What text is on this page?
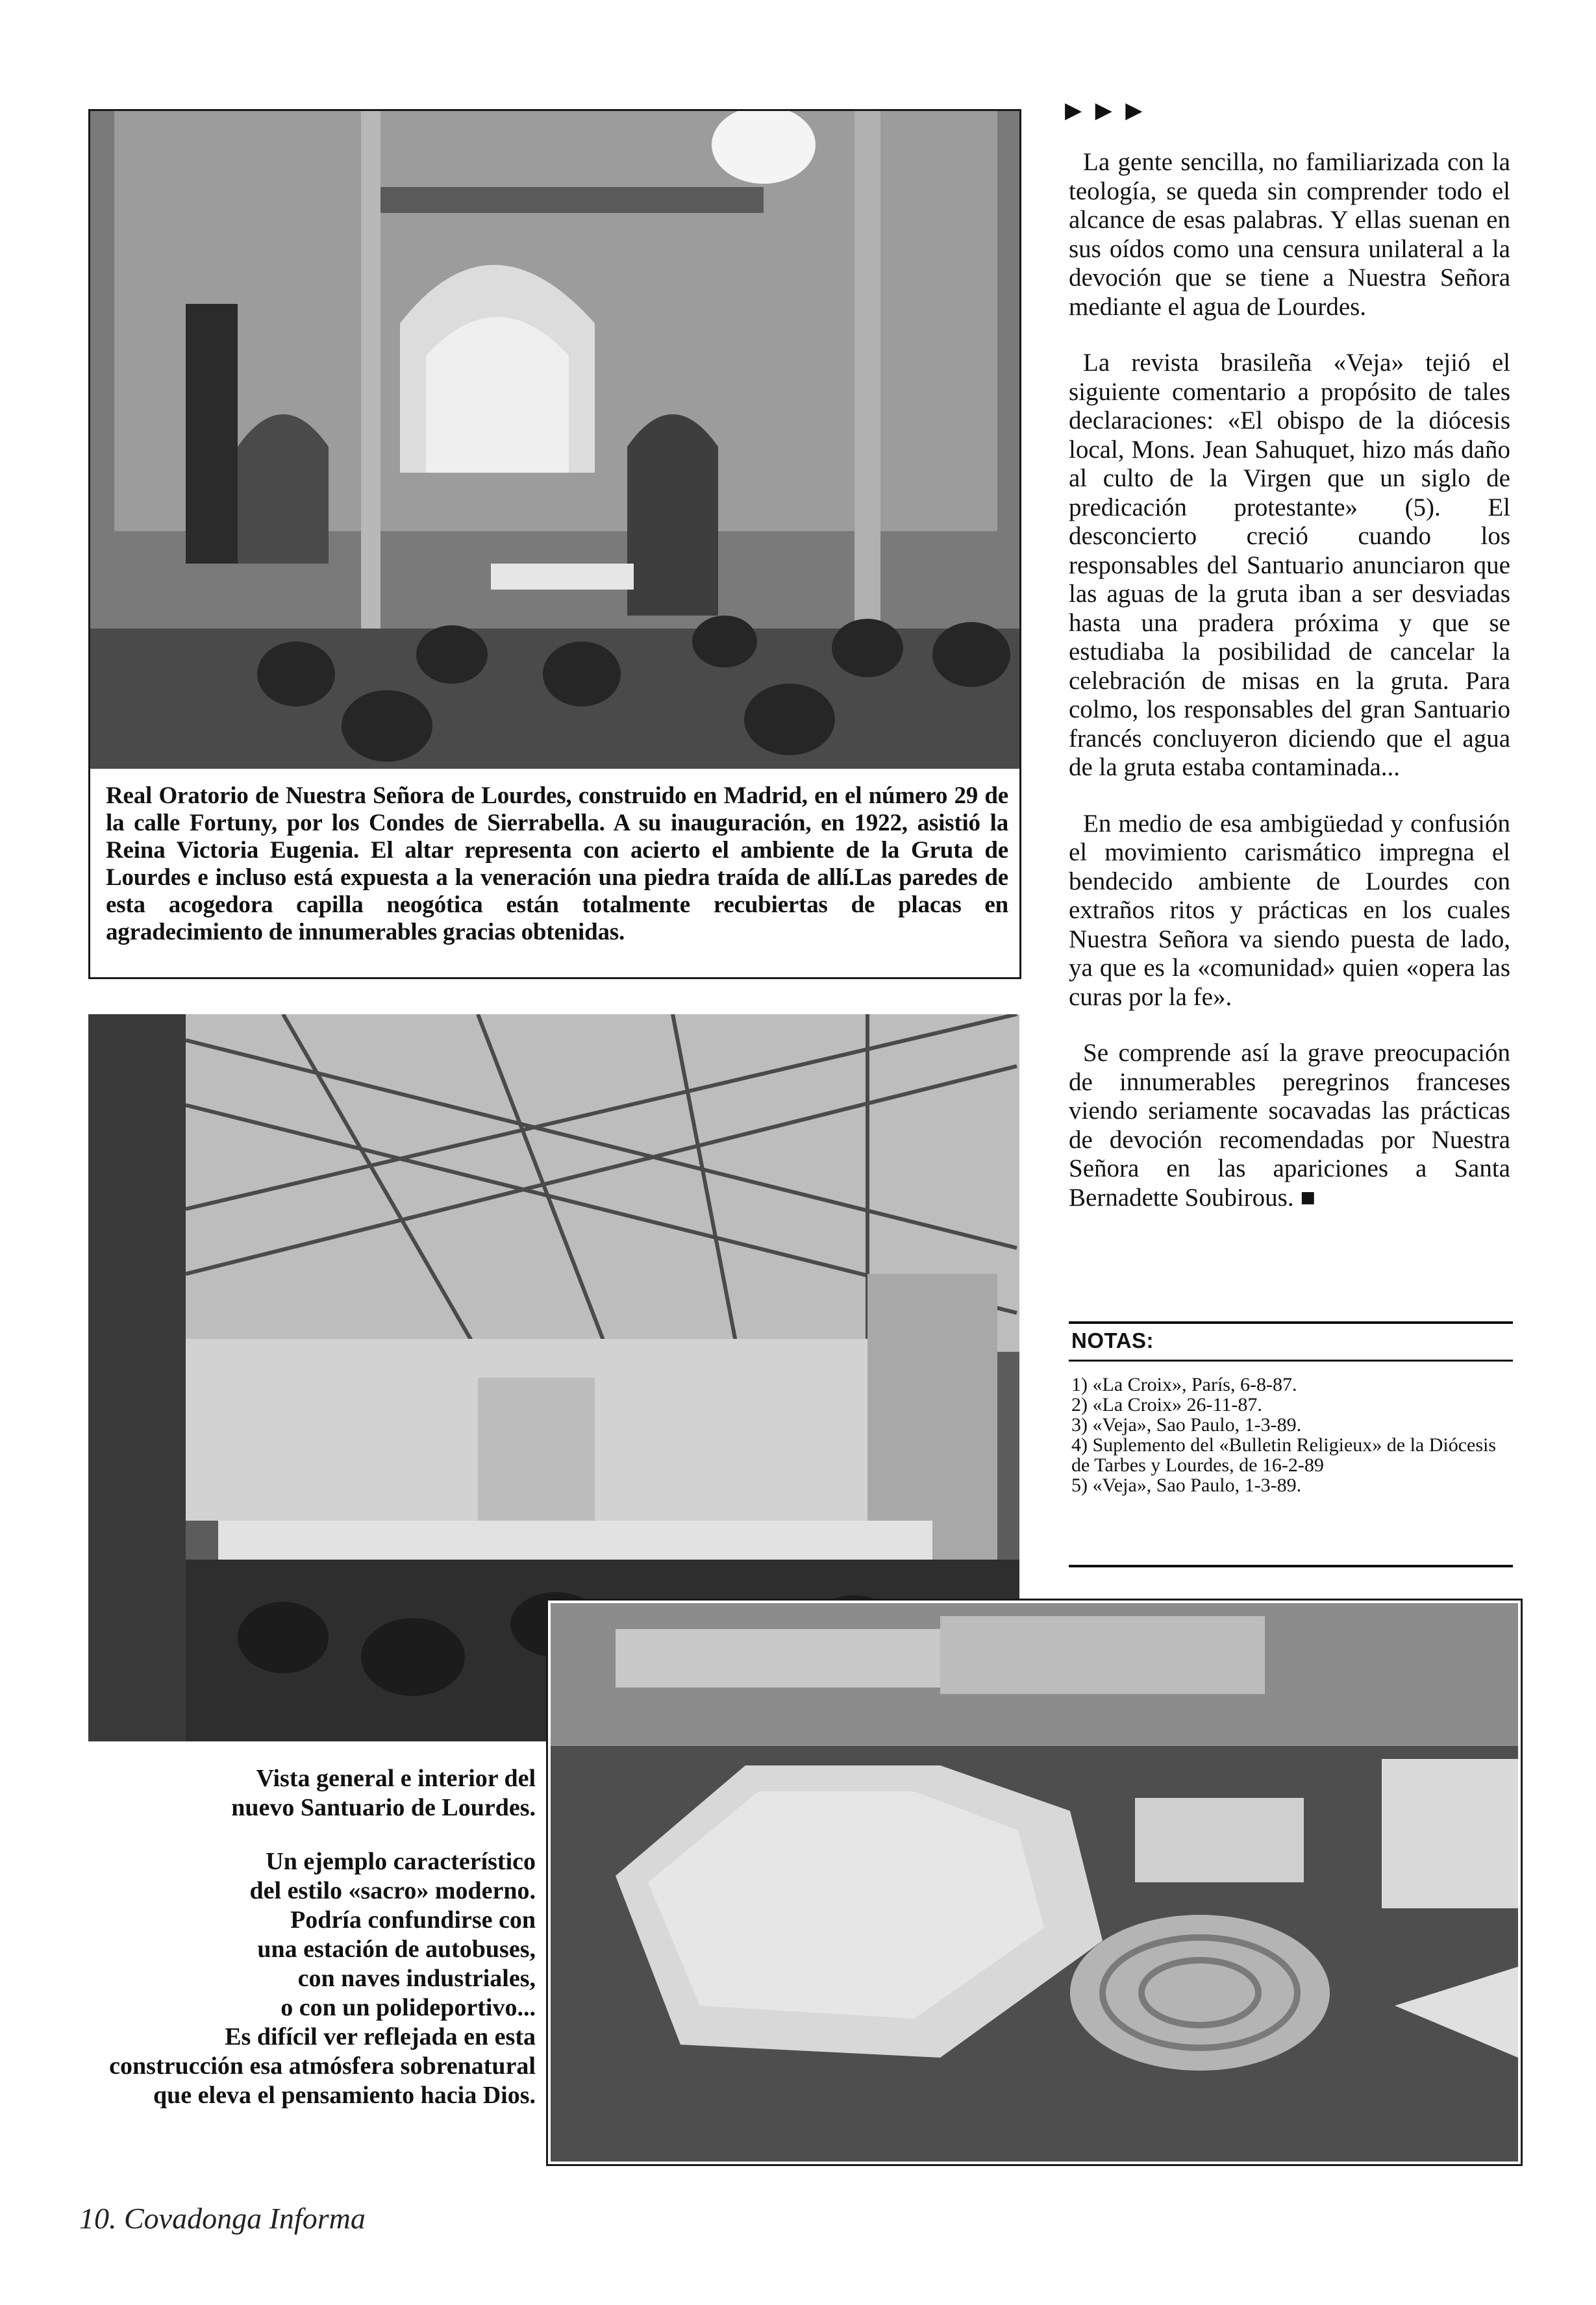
▶ ▶ ▶
Real Oratorio de Nuestra Señora de Lourdes, construido en Madrid, en el número 29 de la calle Fortuny, por los Condes de Sierrabella. A su inauguración, en 1922, asistió la Reina Victoria Eugenia. El altar representa con acierto el ambiente de la Gruta de Lourdes e incluso está expuesta a la veneración una piedra traída de allí.Las paredes de esta acogedora capilla neogótica están totalmente recubiertas de placas en agradecimiento de innumerables gracias obtenidas.

La gente sencilla, no familiarizada con la teología, se queda sin comprender todo el alcance de esas palabras. Y ellas suenan en sus oídos como una censura unilateral a la devoción que se tiene a Nuestra Señora mediante el agua de Lourdes.

La revista brasileña «Veja» tejió el siguiente comentario a propósito de tales declaraciones: «El obispo de la diócesis local, Mons. Jean Sahuquet, hizo más daño al culto de la Virgen que un siglo de predicación protestante» (5). El desconcierto creció cuando los responsables del Santuario anunciaron que las aguas de la gruta iban a ser desviadas hasta una pradera próxima y que se estudiaba la posibilidad de cancelar la celebración de misas en la gruta. Para colmo, los responsables del gran Santuario francés concluyeron diciendo que el agua de la gruta estaba contaminada...

En medio de esa ambigüedad y confusión el movimiento carismático impregna el bendecido ambiente de Lourdes con extraños ritos y prácticas en los cuales Nuestra Señora va siendo puesta de lado, ya que es la «comunidad» quien «opera las curas por la fe».

Se comprende así la grave preocupación de innumerables peregrinos franceses viendo seriamente socavadas las prácticas de devoción recomendadas por Nuestra Señora en las apariciones a Santa Bernadette Soubirous. ■

NOTAS:
1) «La Croix», París, 6-8-87.
2) «La Croix» 26-11-87.
3) «Veja», Sao Paulo, 1-3-89.
4) Suplemento del «Bulletin Religieux» de la Diócesis de Tarbes y Lourdes, de 16-2-89
5) «Veja», Sao Paulo, 1-3-89.
Vista general e interior del
nuevo Santuario de Lourdes.
Un ejemplo característico
del estilo «sacro» moderno.
Podría confundirse con
una estación de autobuses,
con naves industriales,
o con un polideportivo...
Es difícil ver reflejada en esta
construcción esa atmósfera sobrenatural
que eleva el pensamiento hacia Dios.
10. Covadonga Informa
